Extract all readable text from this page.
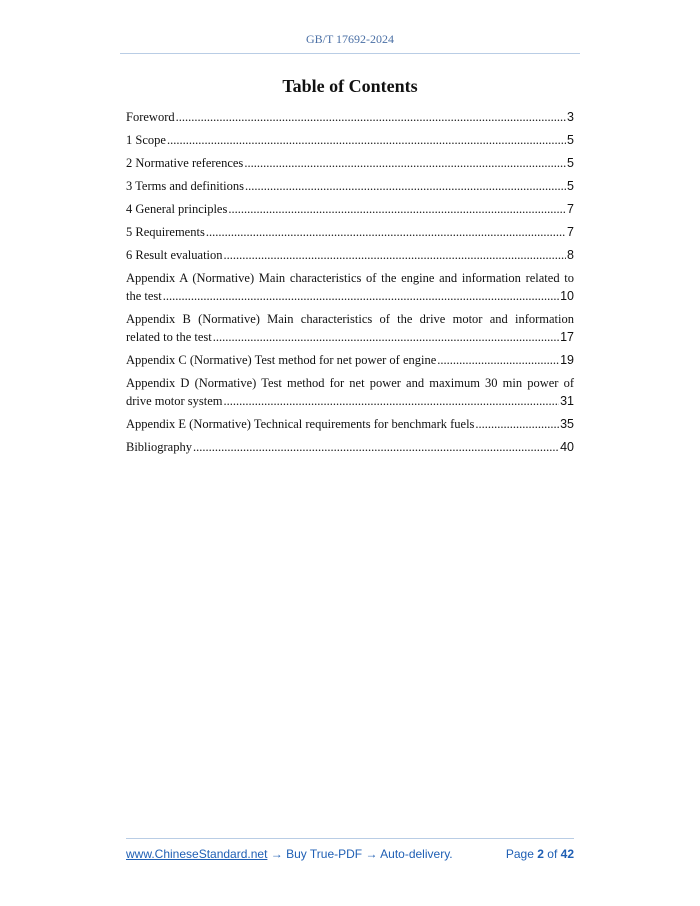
GB/T 17692-2024
Table of Contents
Foreword .....	3
1 Scope .....	5
2 Normative references .....	5
3 Terms and definitions .....	5
4 General principles .....	7
5 Requirements .....	7
6 Result evaluation .....	8
Appendix A (Normative) Main characteristics of the engine and information related to
the test .....	10
Appendix B (Normative) Main characteristics of the drive motor and information
related to the test .....	17
Appendix C (Normative) Test method for net power of engine .....	19
Appendix D (Normative) Test method for net power and maximum 30 min power of
drive motor system .....	31
Appendix E (Normative) Technical requirements for benchmark fuels .....	35
Bibliography .....	40
www.ChineseStandard.net → Buy True-PDF → Auto-delivery.	Page 2 of 42
